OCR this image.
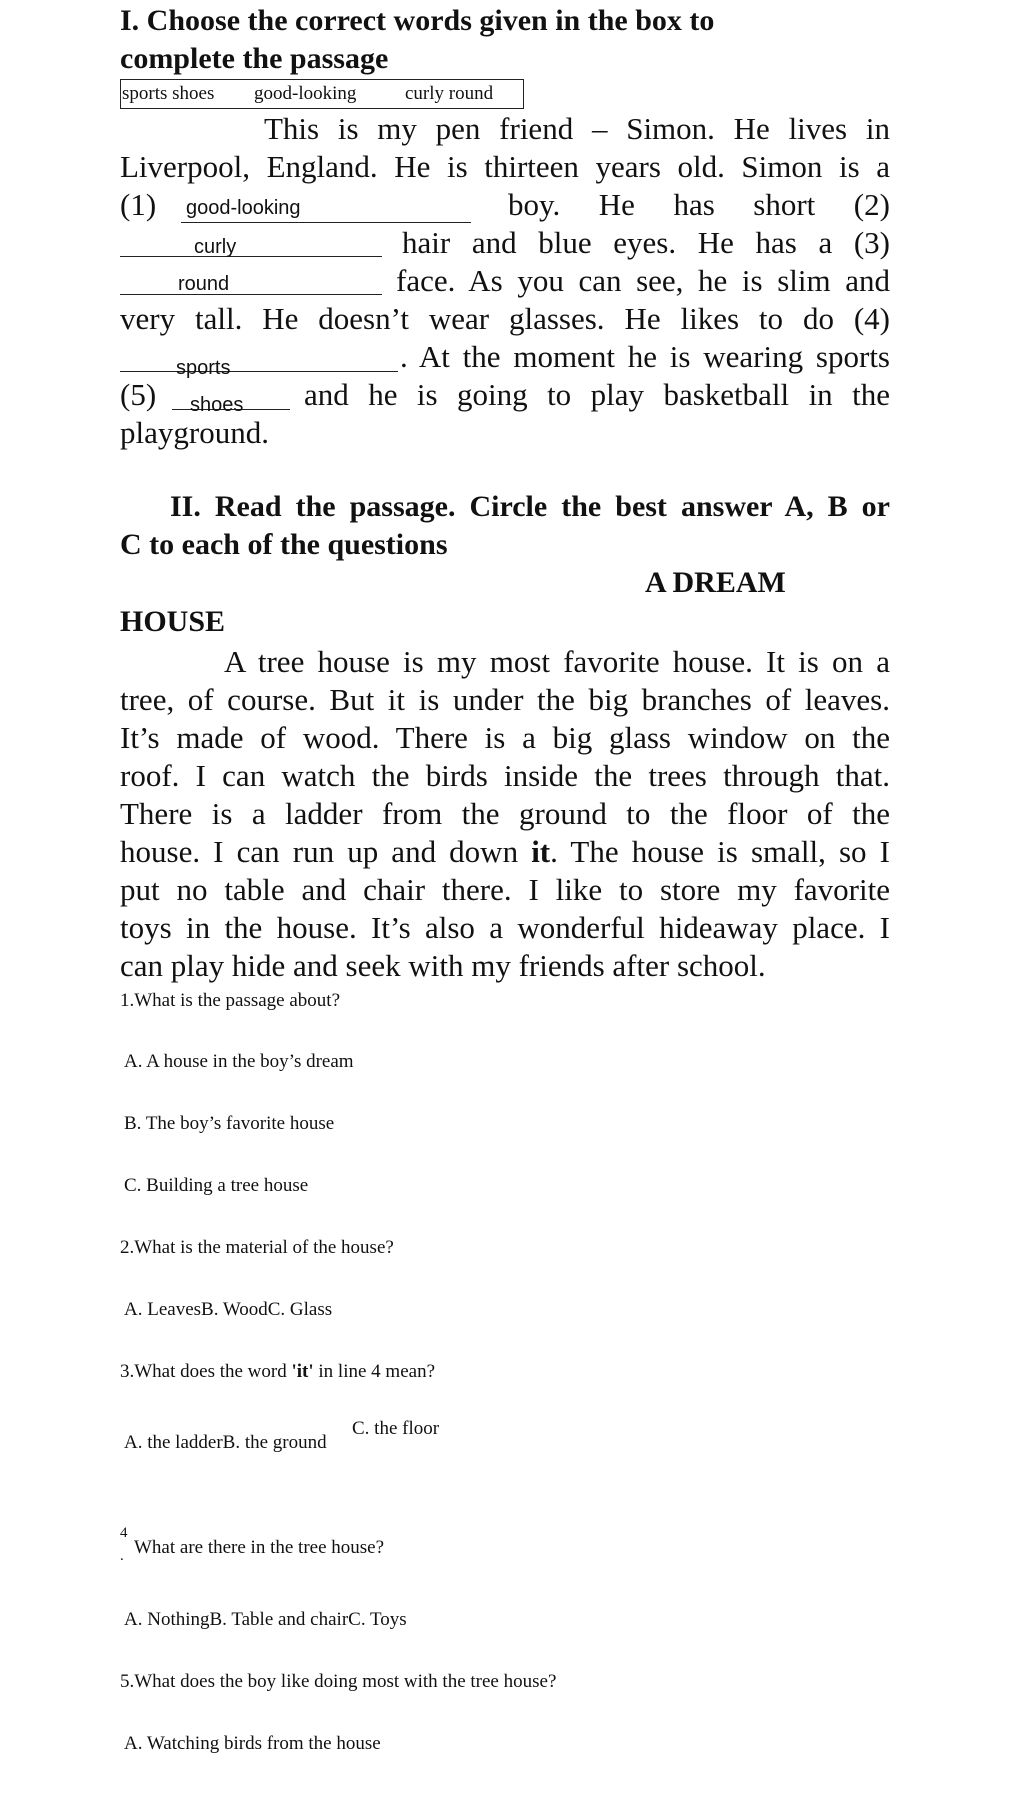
I. Choose the correct words given in the box to
complete the passage
sports shoes good-looking	curly round
This is my pen friend – Simon. He lives in
Liverpool, England. He is thirteen years old. Simon is a
(1)	boy. He has short (2)
good-looking
hair and blue eyes. He has a (3)
curly
face. As you can see, he is slim and
round
very tall. He doesn’t wear glasses. He likes to do (4)
. At the moment he is wearing sports
sports
(5)	and he is going to play basketball in the
shoes
playground.
II. Read the passage. Circle the best answer A, B or
C to each of the questions
A DREAM
HOUSE
A tree house is my most favorite house. It is on a
tree, of course. But it is under the big branches of leaves.
It’s made of wood. There is a big glass window on the
roof. I can watch the birds inside the trees through that.
There is a ladder from the ground to the floor of the
house. I can run up and down it. The house is small, so I
put no table and chair there. I like to store my favorite
toys in the house. It’s also a wonderful hideaway place. I
can play hide and seek with my friends after school.
1.What is the passage about?
A. A house in the boy’s dream
B. The boy’s favorite house
C. Building a tree house
2.What is the material of the house?
A. LeavesB. WoodC. Glass
3.What does the word 'it' in line 4 mean?
A. the ladderB. the ground
C. the floor
4
. What are there in the tree house?
A. NothingB. Table and chairC. Toys
5.What does the boy like doing most with the tree house?
A. Watching birds from the house
